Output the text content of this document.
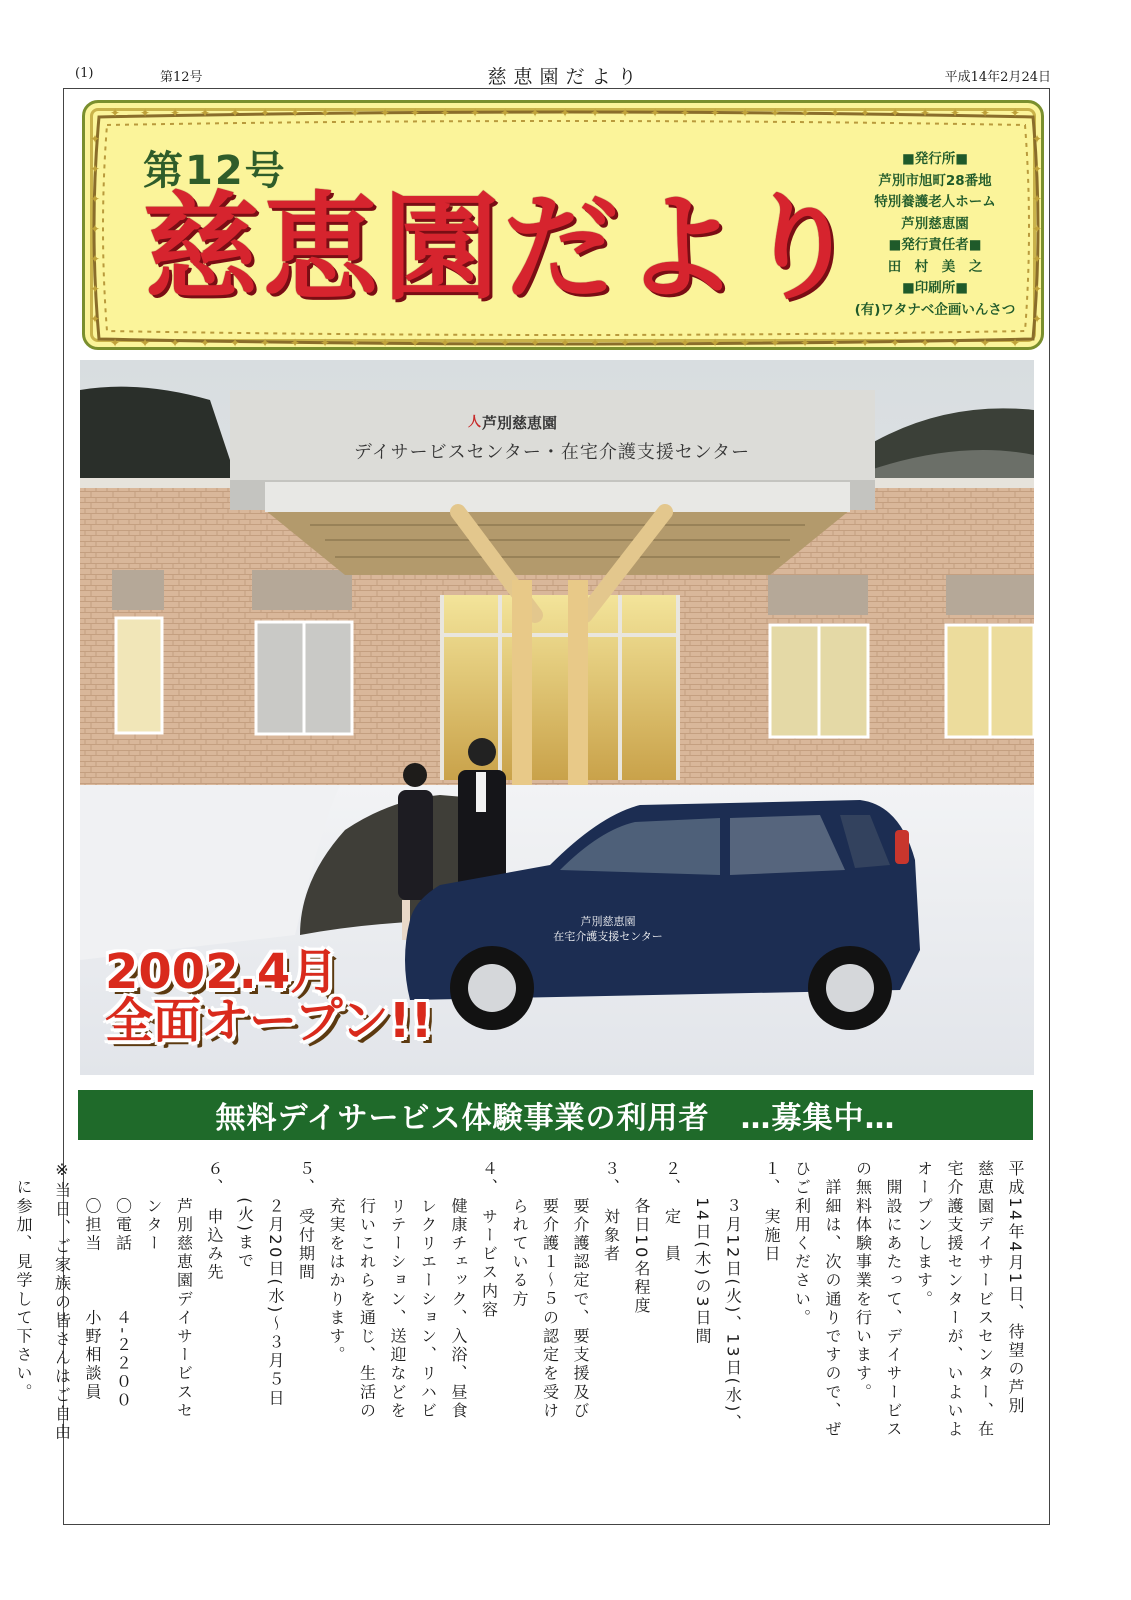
(1)	第12号	慈恵園だより	平成14年2月24日
✦
✦
✦
✦
✦
✦
✦
✦
✦
✦
✦
✦
✦
✦
✦
✦
✦
✦
✦
✦
✦
✦
✦
✦
✦
✦
✦
✦
✦
✦
✦
✦
✦
✦
✦
✦
✦
✦
✦
✦
✦
✦
✦
✦
✦
✦
✦
✦
✦
✦
✦
✦
✦
✦
✦
✦
✦
✦
✦
✦
✦
✦
✦	✦
✦	✦
✦	✦
✦	✦
✦	✦
✦	✦
✦	✦
第12号
慈恵園だより
■発行所■
芦別市旭町28番地
特別養護老人ホーム
芦別慈恵園
■発行責任者■
田　村　美　之
■印刷所■
(有)ワタナベ企画いんさつ
⼈ 芦別慈恵園
デイサービスセンター・在宅介護支援センター
芦別慈恵園
在宅介護支援センター
2002.4月
全面オープン!!
無料デイサービス体験事業の利用者　…募集中…

平成14年4月1日、待望の芦別

慈恵園デイサービスセンター、在

宅介護支援センターが、いよいよ

オープンします。

　開設にあたって、デイサービス

の無料体験事業を行います。

　詳細は、次の通りですので、ぜ

ひご利用ください。

１、　実施日

　　３月12日(火)、13日(水)、

　　14日(木)の3日間

２、　定　員

　　各日10名程度

３、　対象者

　　要介護認定で、要支援及び

　　要介護１～５の認定を受け

　　られている方

４、　サービス内容

　　健康チェック、入浴、昼食

　　レクリエーション、リハビ

　　リテーション、送迎などを

　　行いこれらを通じ、生活の

　　充実をはかります。

５、　受付期間

　　２月20日(水)～３月５日

　　(火)まで

６、　申込み先

　　芦別慈恵園デイサービスセ

　　ンター

　　〇電話　　　４-２２００

　　〇担当　　　小野相談員

※当日、ご家族の皆さんはご自由

　に参加、見学して下さい。
